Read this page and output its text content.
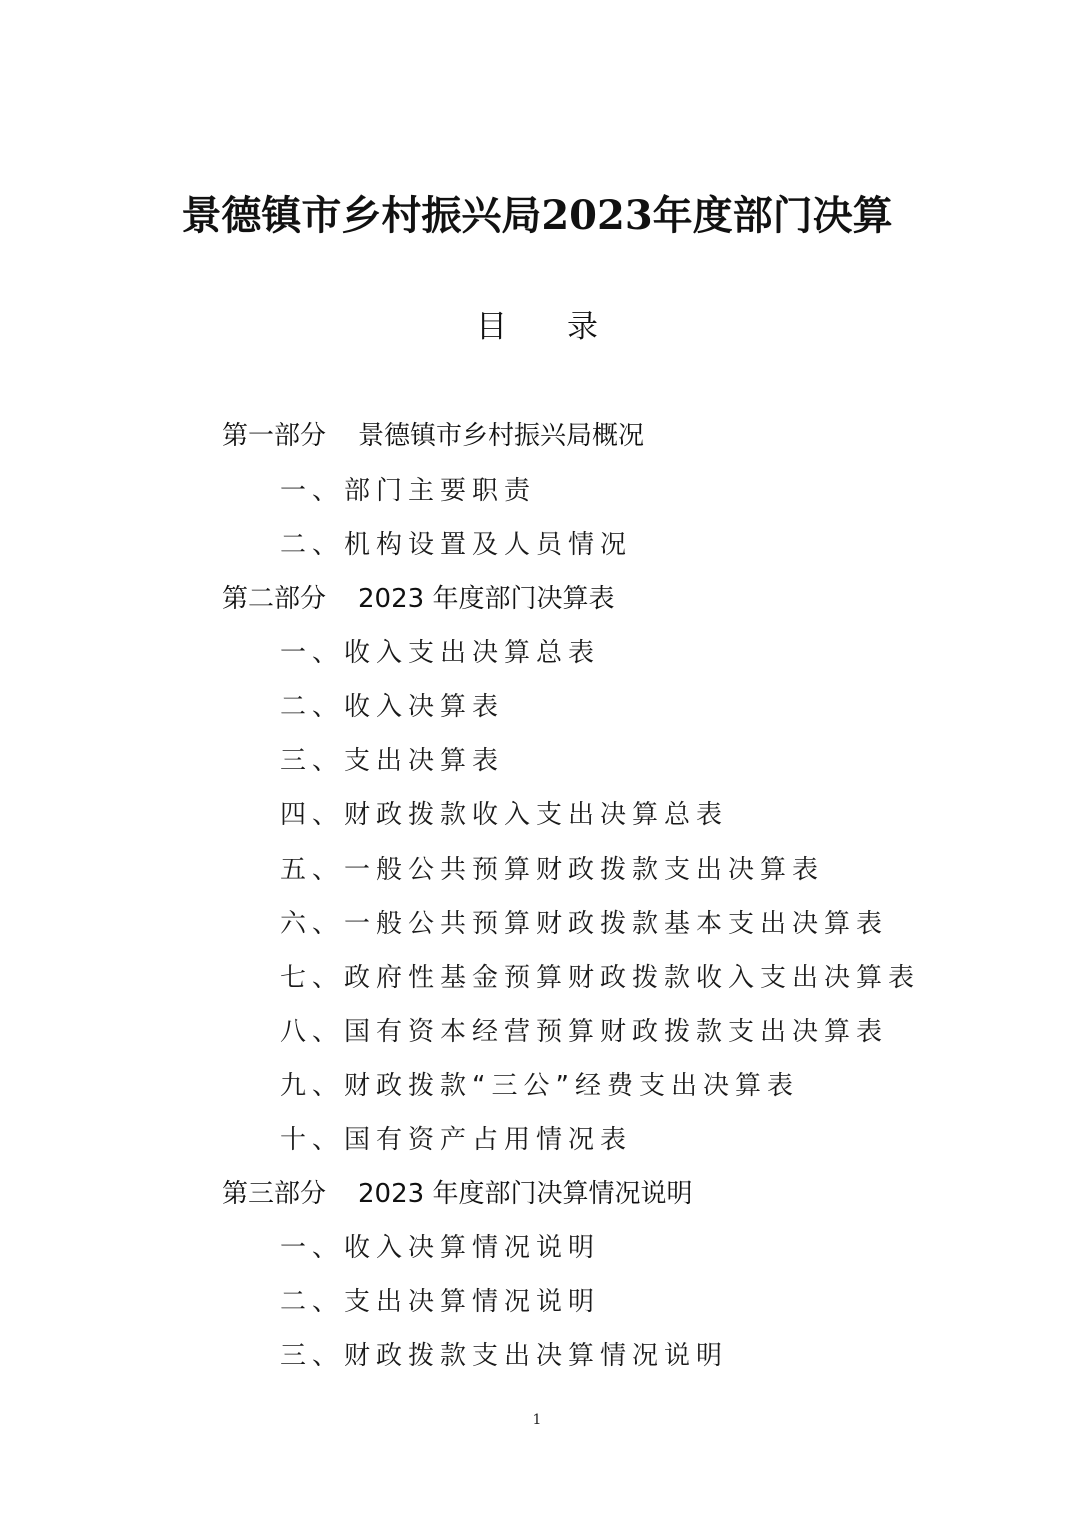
景德镇市乡村振兴局2023年度部门决算
目 录
第一部分 景德镇市乡村振兴局概况
一、部门主要职责
二、机构设置及人员情况
第二部分 2023 年度部门决算表
一、收入支出决算总表
二、收入决算表
三、支出决算表
四、财政拨款收入支出决算总表
五、一般公共预算财政拨款支出决算表
六、一般公共预算财政拨款基本支出决算表
七、政府性基金预算财政拨款收入支出决算表
八、国有资本经营预算财政拨款支出决算表
九、财政拨款“三公”经费支出决算表
十、国有资产占用情况表
第三部分 2023 年度部门决算情况说明
一、收入决算情况说明
二、支出决算情况说明
三、财政拨款支出决算情况说明
1
